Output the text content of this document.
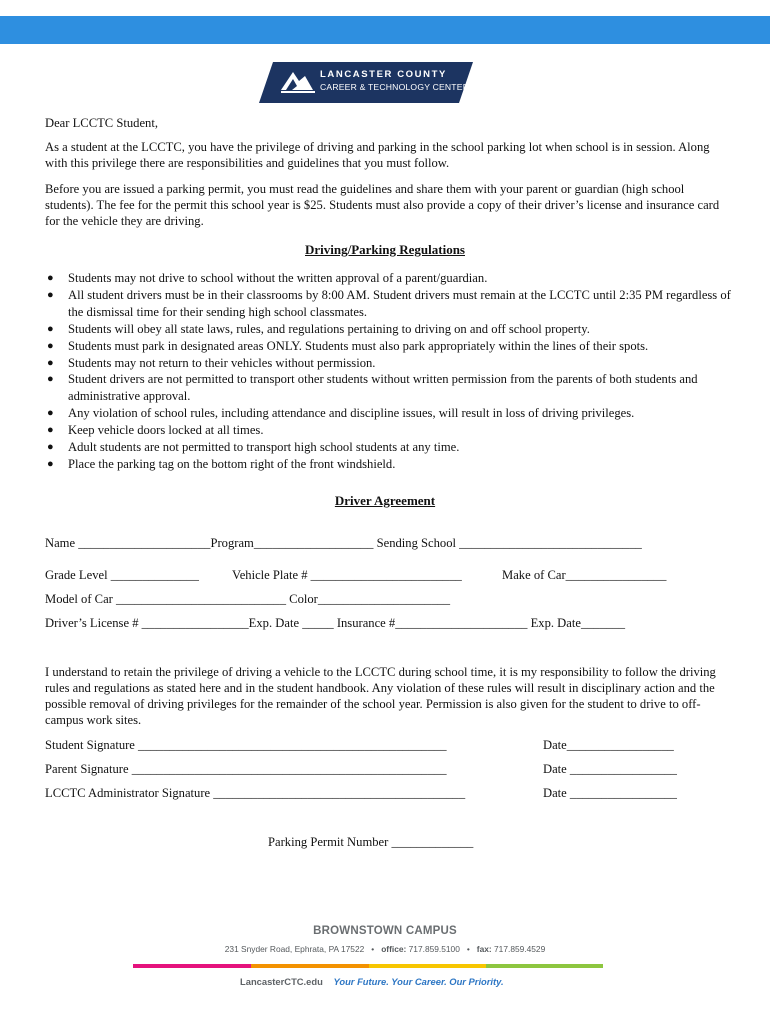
LANCASTER COUNTY
CAREER & TECHNOLOGY CENTER

Dear LCCTC Student,

As a student at the LCCTC, you have the privilege of driving and parking in the school parking lot when school is in session. Along with this privilege there are responsibilities and guidelines that you must follow.

Before you are issued a parking permit, you must read the guidelines and share them with your parent or guardian (high school students). The fee for the permit this school year is $25. Students must also provide a copy of their driver’s license and insurance card for the vehicle they are driving.

Driving/Parking Regulations
● Students may not drive to school without the written approval of a parent/guardian.
● All student drivers must be in their classrooms by 8:00 AM. Student drivers must remain at the LCCTC until 2:35 PM regardless of the dismissal time for their sending high school classmates.
● Students will obey all state laws, rules, and regulations pertaining to driving on and off school property.
● Students must park in designated areas ONLY. Students must also park appropriately within the lines of their spots.
● Students may not return to their vehicles without permission.
● Student drivers are not permitted to transport other students without written permission from the parents of both students and administrative approval.
● Any violation of school rules, including attendance and discipline issues, will result in loss of driving privileges.
● Keep vehicle doors locked at all times.
● Adult students are not permitted to transport high school students at any time.
● Place the parking tag on the bottom right of the front windshield.
Driver Agreement
Name _____________________Program___________________ Sending School _____________________________
Grade Level ______________	Vehicle Plate # ________________________	Make of Car________________
Model of Car ___________________________ Color_____________________
Driver’s License # _________________Exp. Date _____ Insurance #_____________________ Exp. Date_______

I understand to retain the privilege of driving a vehicle to the LCCTC during school time, it is my responsibility to follow the driving rules and regulations as stated here and in the student handbook. Any violation of these rules will result in disciplinary action and the possible removal of driving privileges for the remainder of the school year. Permission is also given for the student to drive to off-campus work sites.

Student Signature _________________________________________________	Date_________________
Parent Signature __________________________________________________	Date _________________
LCCTC Administrator Signature ________________________________________	Date _________________
Parking Permit Number _____________
BROWNSTOWN CAMPUS
231 Snyder Road, Ephrata, PA 17522   •   office: 717.859.5100   •   fax: 717.859.4529
LancasterCTC.edu Your Future. Your Career. Our Priority.
